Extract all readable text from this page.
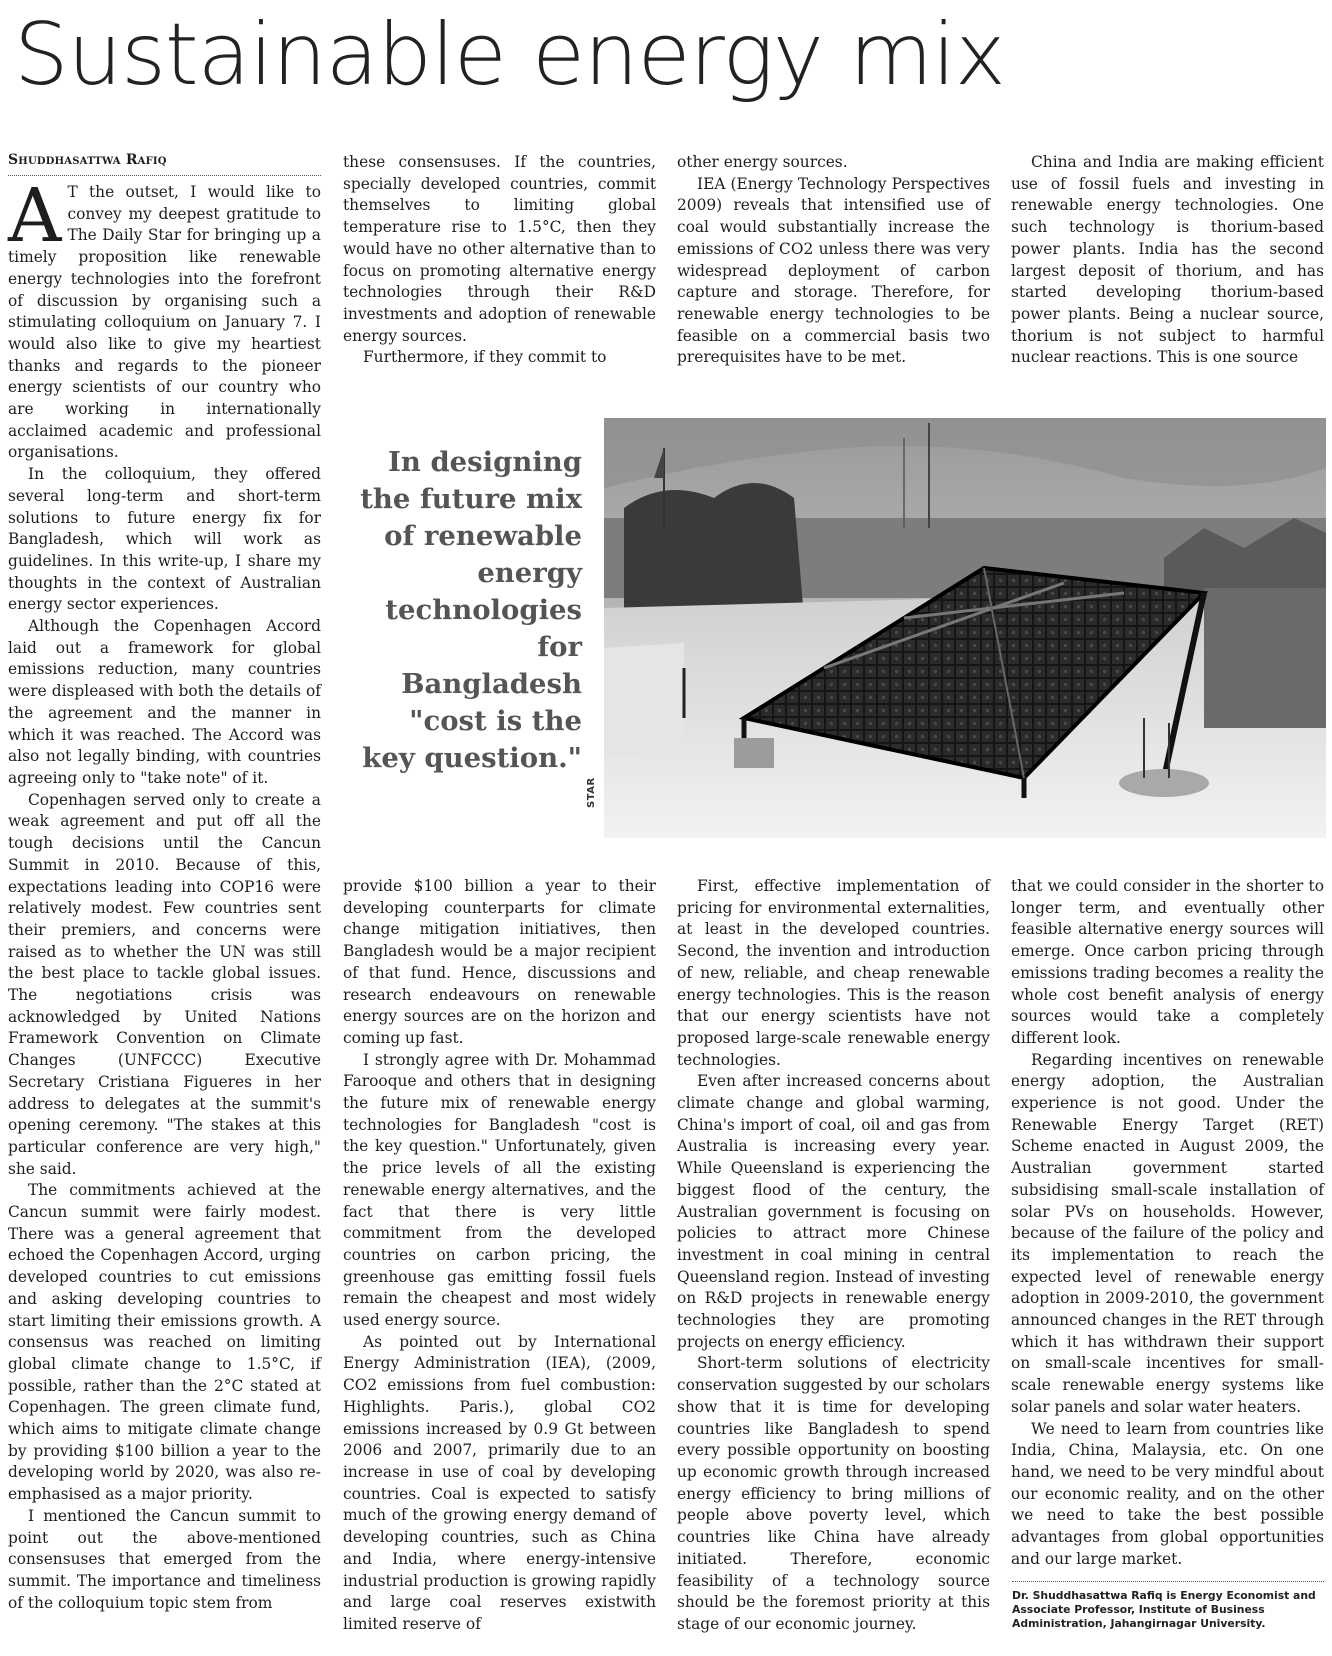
Sustainable energy mix
Shuddhasattwa Rafiq

A T the outset, I would like to convey my deepest gratitude to The Daily Star for bringing up a timely proposition like renewable energy technologies into the forefront of discussion by organising such a stimulating colloquium on January 7. I would also like to give my heartiest thanks and regards to the pioneer energy scientists of our country who are working in internationally acclaimed academic and professional organisations.

In the colloquium, they offered several long-term and short-term solutions to future energy fix for Bangladesh, which will work as guidelines. In this write-up, I share my thoughts in the context of Australian energy sector experiences.

Although the Copenhagen Accord laid out a framework for global emissions reduction, many countries were displeased with both the details of the agreement and the manner in which it was reached. The Accord was also not legally binding, with countries agreeing only to "take note" of it.

Copenhagen served only to create a weak agreement and put off all the tough decisions until the Cancun Summit in 2010. Because of this, expectations leading into COP16 were relatively modest. Few countries sent their premiers, and concerns were raised as to whether the UN was still the best place to tackle global issues. The negotiations crisis was acknowledged by United Nations Framework Convention on Climate Changes (UNFCCC) Executive Secretary Cristiana Figueres in her address to delegates at the summit's opening ceremony. "The stakes at this particular conference are very high," she said.

The commitments achieved at the Cancun summit were fairly modest. There was a general agreement that echoed the Copenhagen Accord, urging developed countries to cut emissions and asking developing countries to start limiting their emissions growth. A consensus was reached on limiting global climate change to 1.5°C, if possible, rather than the 2°C stated at Copenhagen. The green climate fund, which aims to mitigate climate change by providing $100 billion a year to the developing world by 2020, was also re-emphasised as a major priority.

I mentioned the Cancun summit to point out the above-mentioned consensuses that emerged from the summit. The importance and timeliness of the colloquium topic stem from

these consensuses. If the countries, specially developed countries, commit themselves to limiting global temperature rise to 1.5°C, then they would have no other alternative than to focus on promoting alternative energy technologies through their R&D investments and adoption of renewable energy sources.

Furthermore, if they commit to

other energy sources.

IEA (Energy Technology Perspectives 2009) reveals that intensified use of coal would substantially increase the emissions of CO2 unless there was very widespread deployment of carbon capture and storage. Therefore, for renewable energy technologies to be feasible on a commercial basis two prerequisites have to be met.

China and India are making efficient use of fossil fuels and investing in renewable energy technologies. One such technology is thorium-based power plants. India has the second largest deposit of thorium, and has started developing thorium-based power plants. Being a nuclear source, thorium is not subject to harmful nuclear reactions. This is one source

In designing the future mix of renewable energy technologies for Bangladesh "cost is the key question."
STAR

provide $100 billion a year to their developing counterparts for climate change mitigation initiatives, then Bangladesh would be a major recipient of that fund. Hence, discussions and research endeavours on renewable energy sources are on the horizon and coming up fast.

I strongly agree with Dr. Mohammad Farooque and others that in designing the future mix of renewable energy technologies for Bangladesh "cost is the key question." Unfortunately, given the price levels of all the existing renewable energy alternatives, and the fact that there is very little commitment from the developed countries on carbon pricing, the greenhouse gas emitting fossil fuels remain the cheapest and most widely used energy source.

As pointed out by International Energy Administration (IEA), (2009, CO2 emissions from fuel combustion: Highlights. Paris.), global CO2 emissions increased by 0.9 Gt between 2006 and 2007, primarily due to an increase in use of coal by developing countries. Coal is expected to satisfy much of the growing energy demand of developing countries, such as China and India, where energy-intensive industrial production is growing rapidly and large coal reserves existwith limited reserve of

First, effective implementation of pricing for environmental externalities, at least in the developed countries. Second, the invention and introduction of new, reliable, and cheap renewable energy technologies. This is the reason that our energy scientists have not proposed large-scale renewable energy technologies.

Even after increased concerns about climate change and global warming, China's import of coal, oil and gas from Australia is increasing every year. While Queensland is experiencing the biggest flood of the century, the Australian government is focusing on policies to attract more Chinese investment in coal mining in central Queensland region. Instead of investing on R&D projects in renewable energy technologies they are promoting projects on energy efficiency.

Short-term solutions of electricity conservation suggested by our scholars show that it is time for developing countries like Bangladesh to spend every possible opportunity on boosting up economic growth through increased energy efficiency to bring millions of people above poverty level, which countries like China have already initiated. Therefore, economic feasibility of a technology source should be the foremost priority at this stage of our economic journey.

that we could consider in the shorter to longer term, and eventually other feasible alternative energy sources will emerge. Once carbon pricing through emissions trading becomes a reality the whole cost benefit analysis of energy sources would take a completely different look.

Regarding incentives on renewable energy adoption, the Australian experience is not good. Under the Renewable Energy Target (RET) Scheme enacted in August 2009, the Australian government started subsidising small-scale installation of solar PVs on households. However, because of the failure of the policy and its implementation to reach the expected level of renewable energy adoption in 2009-2010, the government announced changes in the RET through which it has withdrawn their support on small-scale incentives for small-scale renewable energy systems like solar panels and solar water heaters.

We need to learn from countries like India, China, Malaysia, etc. On one hand, we need to be very mindful about our economic reality, and on the other we need to take the best possible advantages from global opportunities and our large market.

Dr. Shuddhasattwa Rafiq is Energy Economist and Associate Professor, Institute of Business Administration, Jahangirnagar University.
